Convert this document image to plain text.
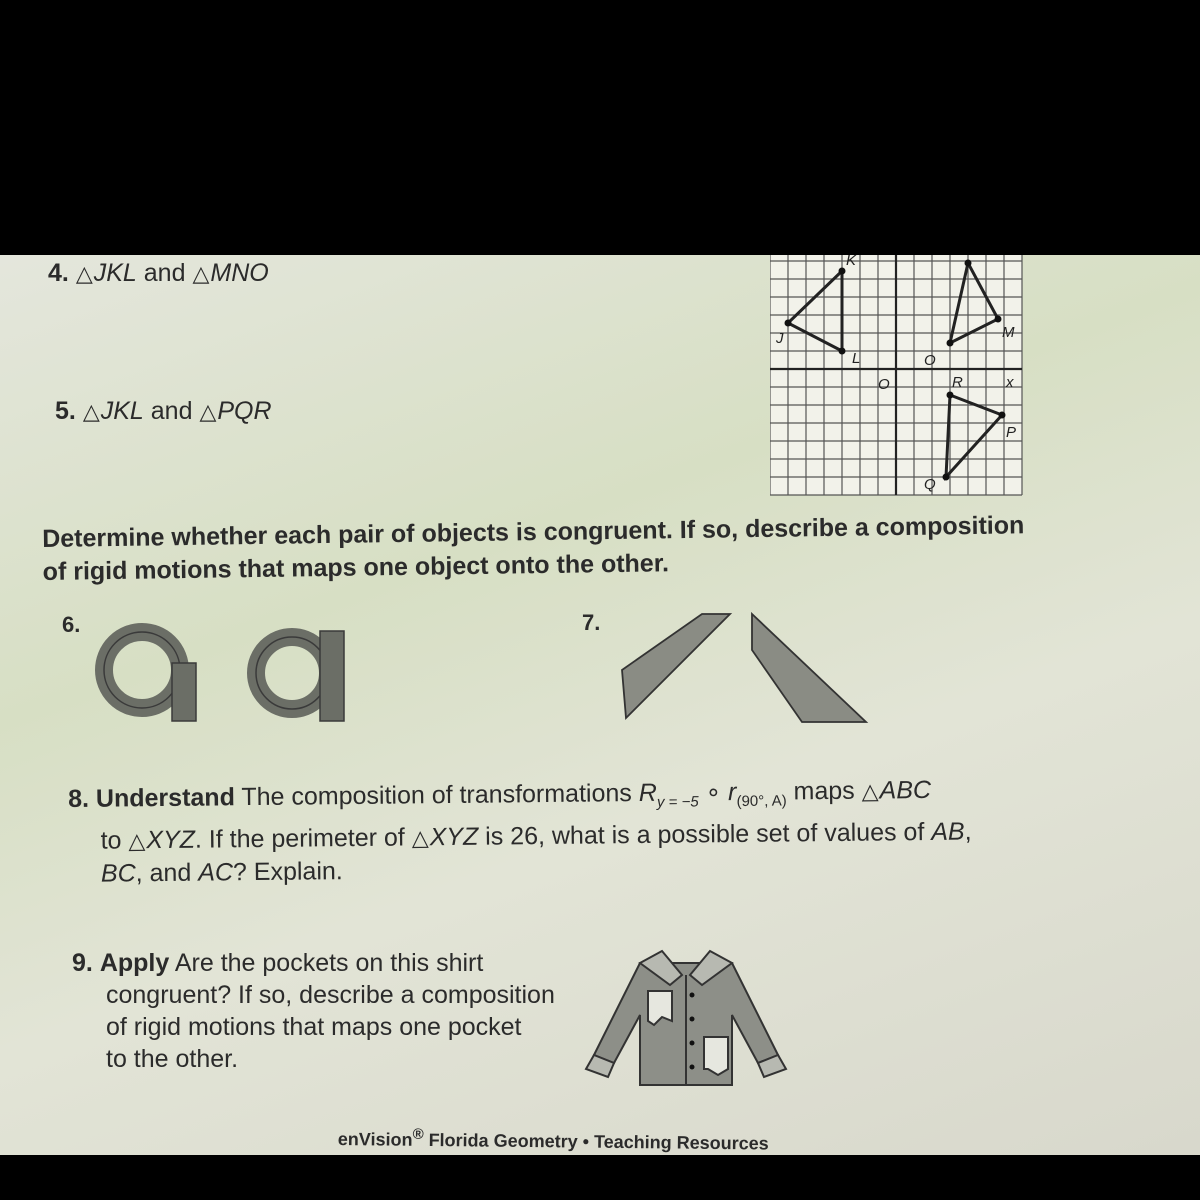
4. △JKL and △MNO
5. △JKL and △PQR
K
J
L
M
O
O	R	x
P
Q
Determine whether each pair of objects is congruent. If so, describe a composition
of rigid motions that maps one object onto the other.
6.	7.
8. Understand The composition of transformations $R_{y = -5}$ ∘ $r_{(90^\circ, A)}$ maps △ABC
to △XYZ. If the perimeter of △XYZ is 26, what is a possible set of values of AB,
BC, and AC? Explain.
9. Apply Are the pockets on this shirt
congruent? If so, describe a composition
of rigid motions that maps one pocket
to the other.
enVision® Florida Geometry • Teaching Resources
